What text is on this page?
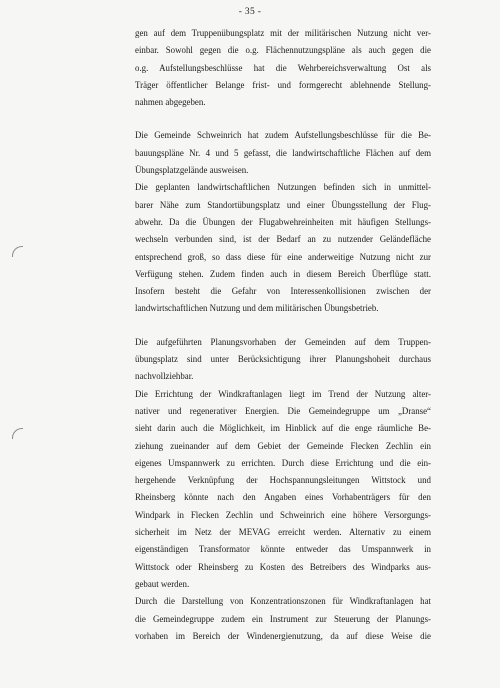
- 35 -
gen auf dem Truppenübungsplatz mit der militärischen Nutzung nicht ver-
einbar. Sowohl gegen die o.g. Flächennutzungspläne als auch gegen die
o.g. Aufstellungsbeschlüsse hat die Wehrbereichsverwaltung Ost als
Träger öffentlicher Belange frist- und formgerecht ablehnende Stellung-
nahmen abgegeben.
Die Gemeinde Schweinrich hat zudem Aufstellungsbeschlüsse für die Be-
bauungspläne Nr. 4 und 5 gefasst, die landwirtschaftliche Flächen auf dem
Übungsplatzgelände ausweisen.
Die geplanten landwirtschaftlichen Nutzungen befinden sich in unmittel-
barer Nähe zum Standortübungsplatz und einer Übungsstellung der Flug-
abwehr. Da die Übungen der Flugabwehreinheiten mit häufigen Stellungs-
wechseln verbunden sind, ist der Bedarf an zu nutzender Geländefläche
entsprechend groß, so dass diese für eine anderweitige Nutzung nicht zur
Verfügung stehen. Zudem finden auch in diesem Bereich Überflüge statt.
Insofern besteht die Gefahr von Interessenkollisionen zwischen der
landwirtschaftlichen Nutzung und dem militärischen Übungsbetrieb.
Die aufgeführten Planungsvorhaben der Gemeinden auf dem Truppen-
übungsplatz sind unter Berücksichtigung ihrer Planungshoheit durchaus
nachvollziehbar.
Die Errichtung der Windkraftanlagen liegt im Trend der Nutzung alter-
nativer und regenerativer Energien. Die Gemeindegruppe um „Dranse“
sieht darin auch die Möglichkeit, im Hinblick auf die enge räumliche Be-
ziehung zueinander auf dem Gebiet der Gemeinde Flecken Zechlin ein
eigenes Umspannwerk zu errichten. Durch diese Errichtung und die ein-
hergehende Verknüpfung der Hochspannungsleitungen Wittstock und
Rheinsberg könnte nach den Angaben eines Vorhabenträgers für den
Windpark in Flecken Zechlin und Schweinrich eine höhere Versorgungs-
sicherheit im Netz der MEVAG erreicht werden. Alternativ zu einem
eigenständigen Transformator könnte entweder das Umspannwerk in
Wittstock oder Rheinsberg zu Kosten des Betreibers des Windparks aus-
gebaut werden.
Durch die Darstellung von Konzentrationszonen für Windkraftanlagen hat
die Gemeindegruppe zudem ein Instrument zur Steuerung der Planungs-
vorhaben im Bereich der Windenergienutzung, da auf diese Weise die
